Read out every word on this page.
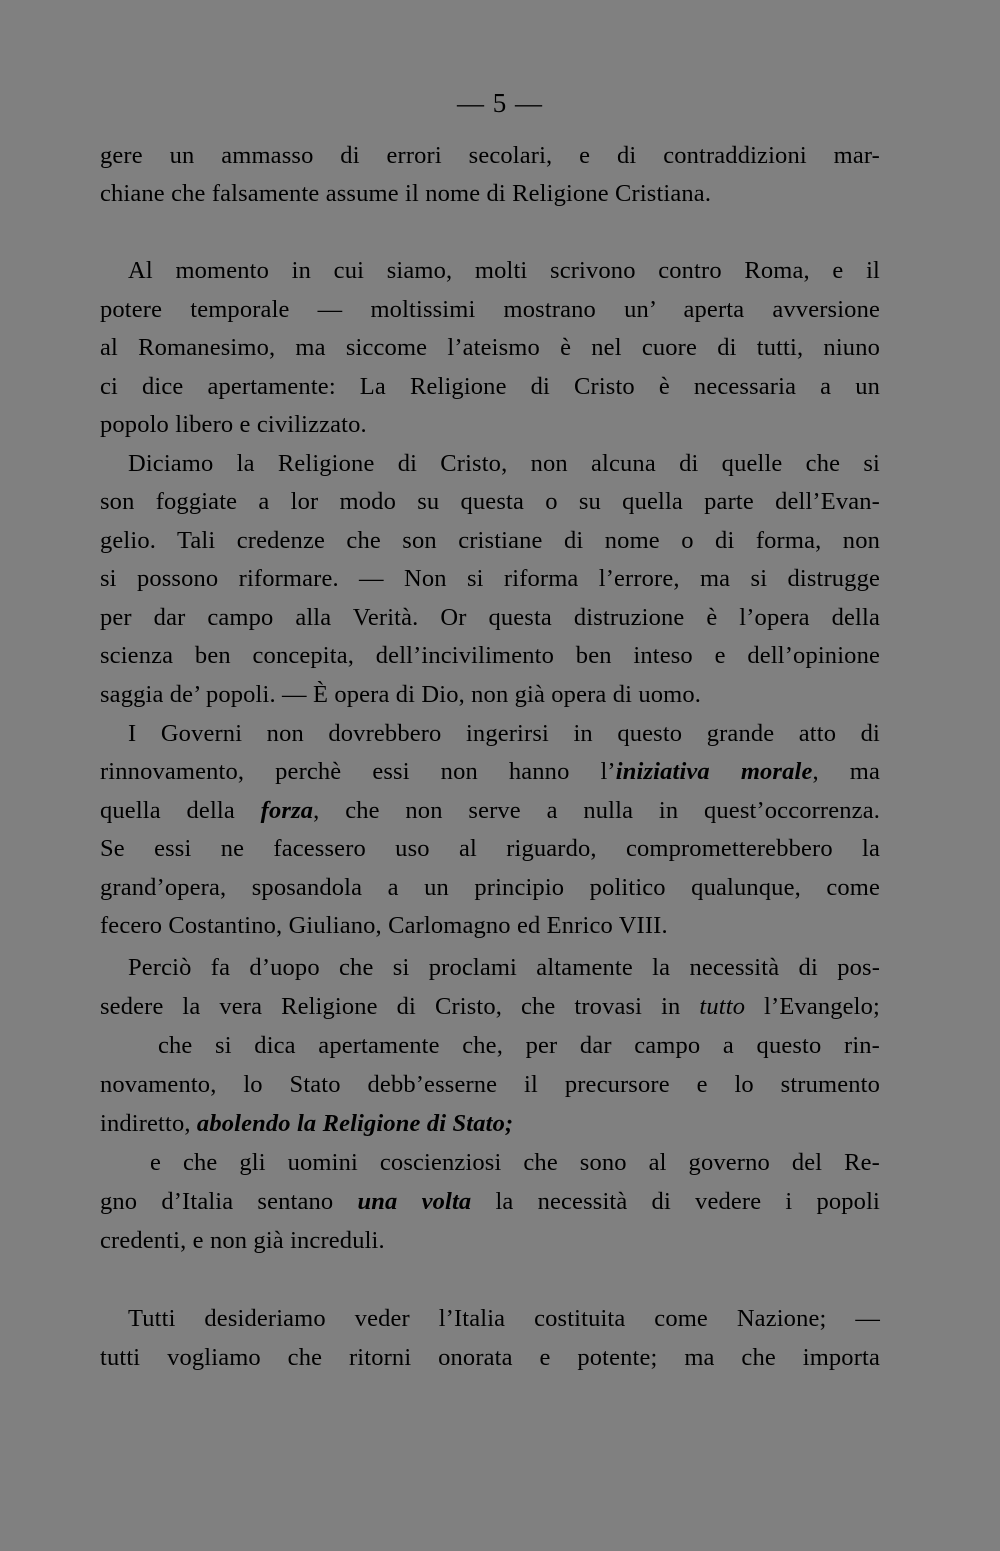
— 5 —
gere un ammasso di errori secolari, e di contraddizioni mar-
chiane che falsamente assume il nome di Religione Cristiana.
Al momento in cui siamo, molti scrivono contro Roma, e il
potere temporale — moltissimi mostrano un’ aperta avversione
al Romanesimo, ma siccome l’ateismo è nel cuore di tutti, niuno
ci dice apertamente: La Religione di Cristo è necessaria a un
popolo libero e civilizzato.
Diciamo la Religione di Cristo, non alcuna di quelle che si
son foggiate a lor modo su questa o su quella parte dell’Evan-
gelio. Tali credenze che son cristiane di nome o di forma, non
si possono riformare. — Non si riforma l’errore, ma si distrugge
per dar campo alla Verità. Or questa distruzione è l’opera della
scienza ben concepita, dell’incivilimento ben inteso e dell’opinione
saggia de’ popoli. — È opera di Dio, non già opera di uomo.
I Governi non dovrebbero ingerirsi in questo grande atto di
rinnovamento, perchè essi non hanno l’iniziativa morale, ma
quella della forza, che non serve a nulla in quest’occorrenza.
Se essi ne facessero uso al riguardo, comprometterebbero la
grand’opera, sposandola a un principio politico qualunque, come
fecero Costantino, Giuliano, Carlomagno ed Enrico VIII.
Perciò fa d’uopo che si proclami altamente la necessità di pos-
sedere la vera Religione di Cristo, che trovasi in tutto l’Evangelo;
che si dica apertamente che, per dar campo a questo rin-
novamento, lo Stato debb’esserne il precursore e lo strumento
indiretto, abolendo la Religione di Stato;
e che gli uomini coscienziosi che sono al governo del Re-
gno d’Italia sentano una volta la necessità di vedere i popoli
credenti, e non già increduli.
Tutti desideriamo veder l’Italia costituita come Nazione; —
tutti vogliamo che ritorni onorata e potente; ma che importa
